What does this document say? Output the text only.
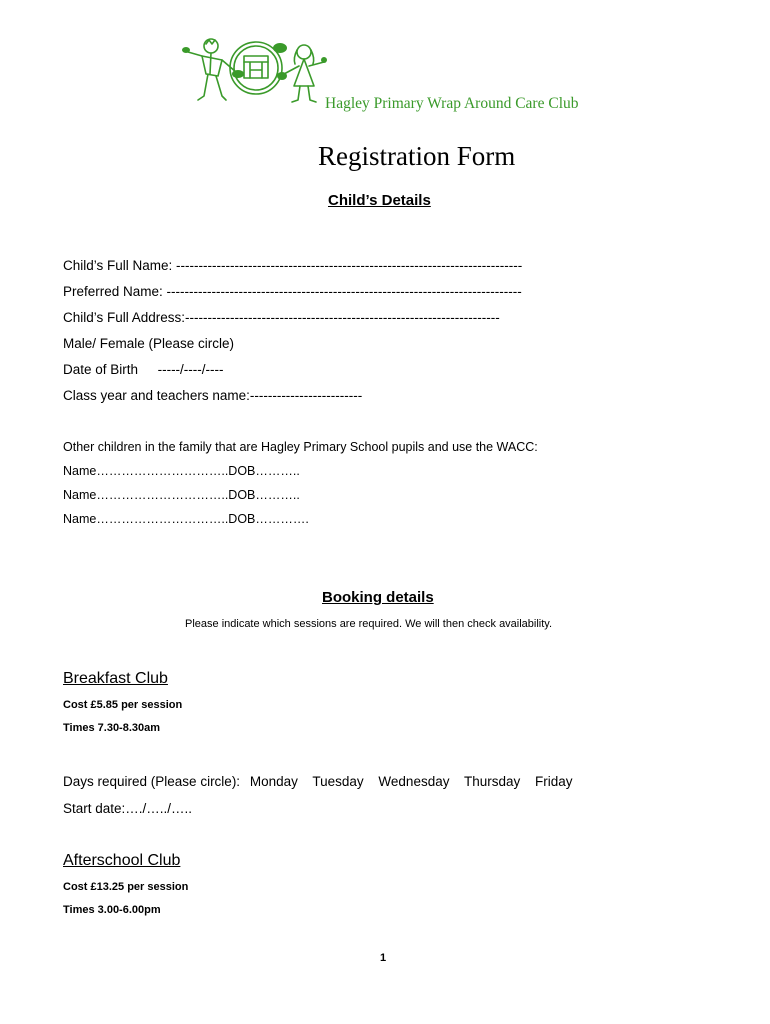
Hagley Primary Wrap Around Care Club
Registration Form
Child’s Details
Child’s Full Name: -----------------------------------------------------------------------------
Preferred Name: -------------------------------------------------------------------------------
Child’s Full Address:----------------------------------------------------------------------
Male/ Female (Please circle)
Date of Birth -----/----/----
Class year and teachers name:-------------------------
Other children in the family that are Hagley Primary School pupils and use the WACC:
Name…………………………..DOB………..
Name…………………………..DOB………..
Name…………………………..DOB………….
Booking details
Please indicate which sessions are required. We will then check availability.
Breakfast Club
Cost £5.85 per session
Times 7.30-8.30am
Days required (Please circle): Monday Tuesday Wednesday Thursday Friday
Start date:…./…../…..
Afterschool Club
Cost £13.25 per session
Times 3.00-6.00pm
1
